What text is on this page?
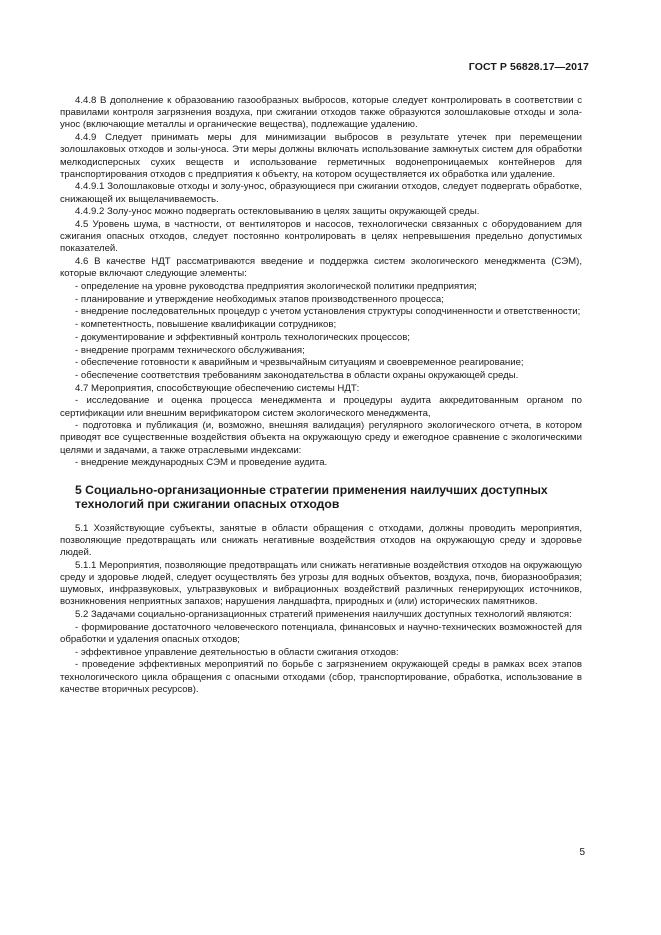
ГОСТ Р 56828.17—2017

4.4.8 В дополнение к образованию газообразных выбросов, которые следует контролировать в соответствии с правилами контроля загрязнения воздуха, при сжигании отходов также образуются золошлаковые отходы и зола-унос (включающие металлы и органические вещества), подлежащие удалению.

4.4.9 Следует принимать меры для минимизации выбросов в результате утечек при перемещении золошлаковых отходов и золы-уноса. Эти меры должны включать использование замкнутых систем для обработки мелкодисперсных сухих веществ и использование герметичных водонепроницаемых контейнеров для транспортирования отходов с предприятия к объекту, на котором осуществляется их обработка или удаление.

4.4.9.1 Золошлаковые отходы и золу-унос, образующиеся при сжигании отходов, следует подвергать обработке, снижающей их выщелачиваемость.

4.4.9.2 Золу-унос можно подвергать остекловыванию в целях защиты окружающей среды.

4.5 Уровень шума, в частности, от вентиляторов и насосов, технологически связанных с оборудованием для сжигания опасных отходов, следует постоянно контролировать в целях непревышения предельно допустимых показателей.

4.6 В качестве НДТ рассматриваются введение и поддержка систем экологического менеджмента (СЭМ), которые включают следующие элементы:

- определение на уровне руководства предприятия экологической политики предприятия;

- планирование и утверждение необходимых этапов производственного процесса;

- внедрение последовательных процедур с учетом установления структуры соподчиненности и ответственности;

- компетентность, повышение квалификации сотрудников;

- документирование и эффективный контроль технологических процессов;

- внедрение программ технического обслуживания;

- обеспечение готовности к аварийным и чрезвычайным ситуациям и своевременное реагирование;

- обеспечение соответствия требованиям законодательства в области охраны окружающей среды.

4.7 Мероприятия, способствующие обеспечению системы НДТ:

- исследование и оценка процесса менеджмента и процедуры аудита аккредитованным органом по сертификации или внешним верификатором систем экологического менеджмента,

- подготовка и публикация (и, возможно, внешняя валидация) регулярного экологического отчета, в котором приводят все существенные воздействия объекта на окружающую среду и ежегодное сравнение с экологическими целями и задачами, а также отраслевыми индексами:

- внедрение международных СЭМ и проведение аудита.

5 Социально-организационные стратегии применения наилучших доступных технологий при сжигании опасных отходов

5.1 Хозяйствующие субъекты, занятые в области обращения с отходами, должны проводить мероприятия, позволяющие предотвращать или снижать негативные воздействия отходов на окружающую среду и здоровье людей.

5.1.1 Мероприятия, позволяющие предотвращать или снижать негативные воздействия отходов на окружающую среду и здоровье людей, следует осуществлять без угрозы для водных объектов, воздуха, почв, биоразнообразия; шумовых, инфразвуковых, ультразвуковых и вибрационных воздействий различных генерирующих источников, возникновения неприятных запахов; нарушения ландшафта, природных и (или) исторических памятников.

5.2 Задачами социально-организационных стратегий применения наилучших доступных технологий являются:

- формирование достаточного человеческого потенциала, финансовых и научно-технических возможностей для обработки и удаления опасных отходов;

- эффективное управление деятельностью в области сжигания отходов:

- проведение эффективных мероприятий по борьбе с загрязнением окружающей среды в рамках всех этапов технологического цикла обращения с опасными отходами (сбор, транспортирование, обработка, использование в качестве вторичных ресурсов).

5
